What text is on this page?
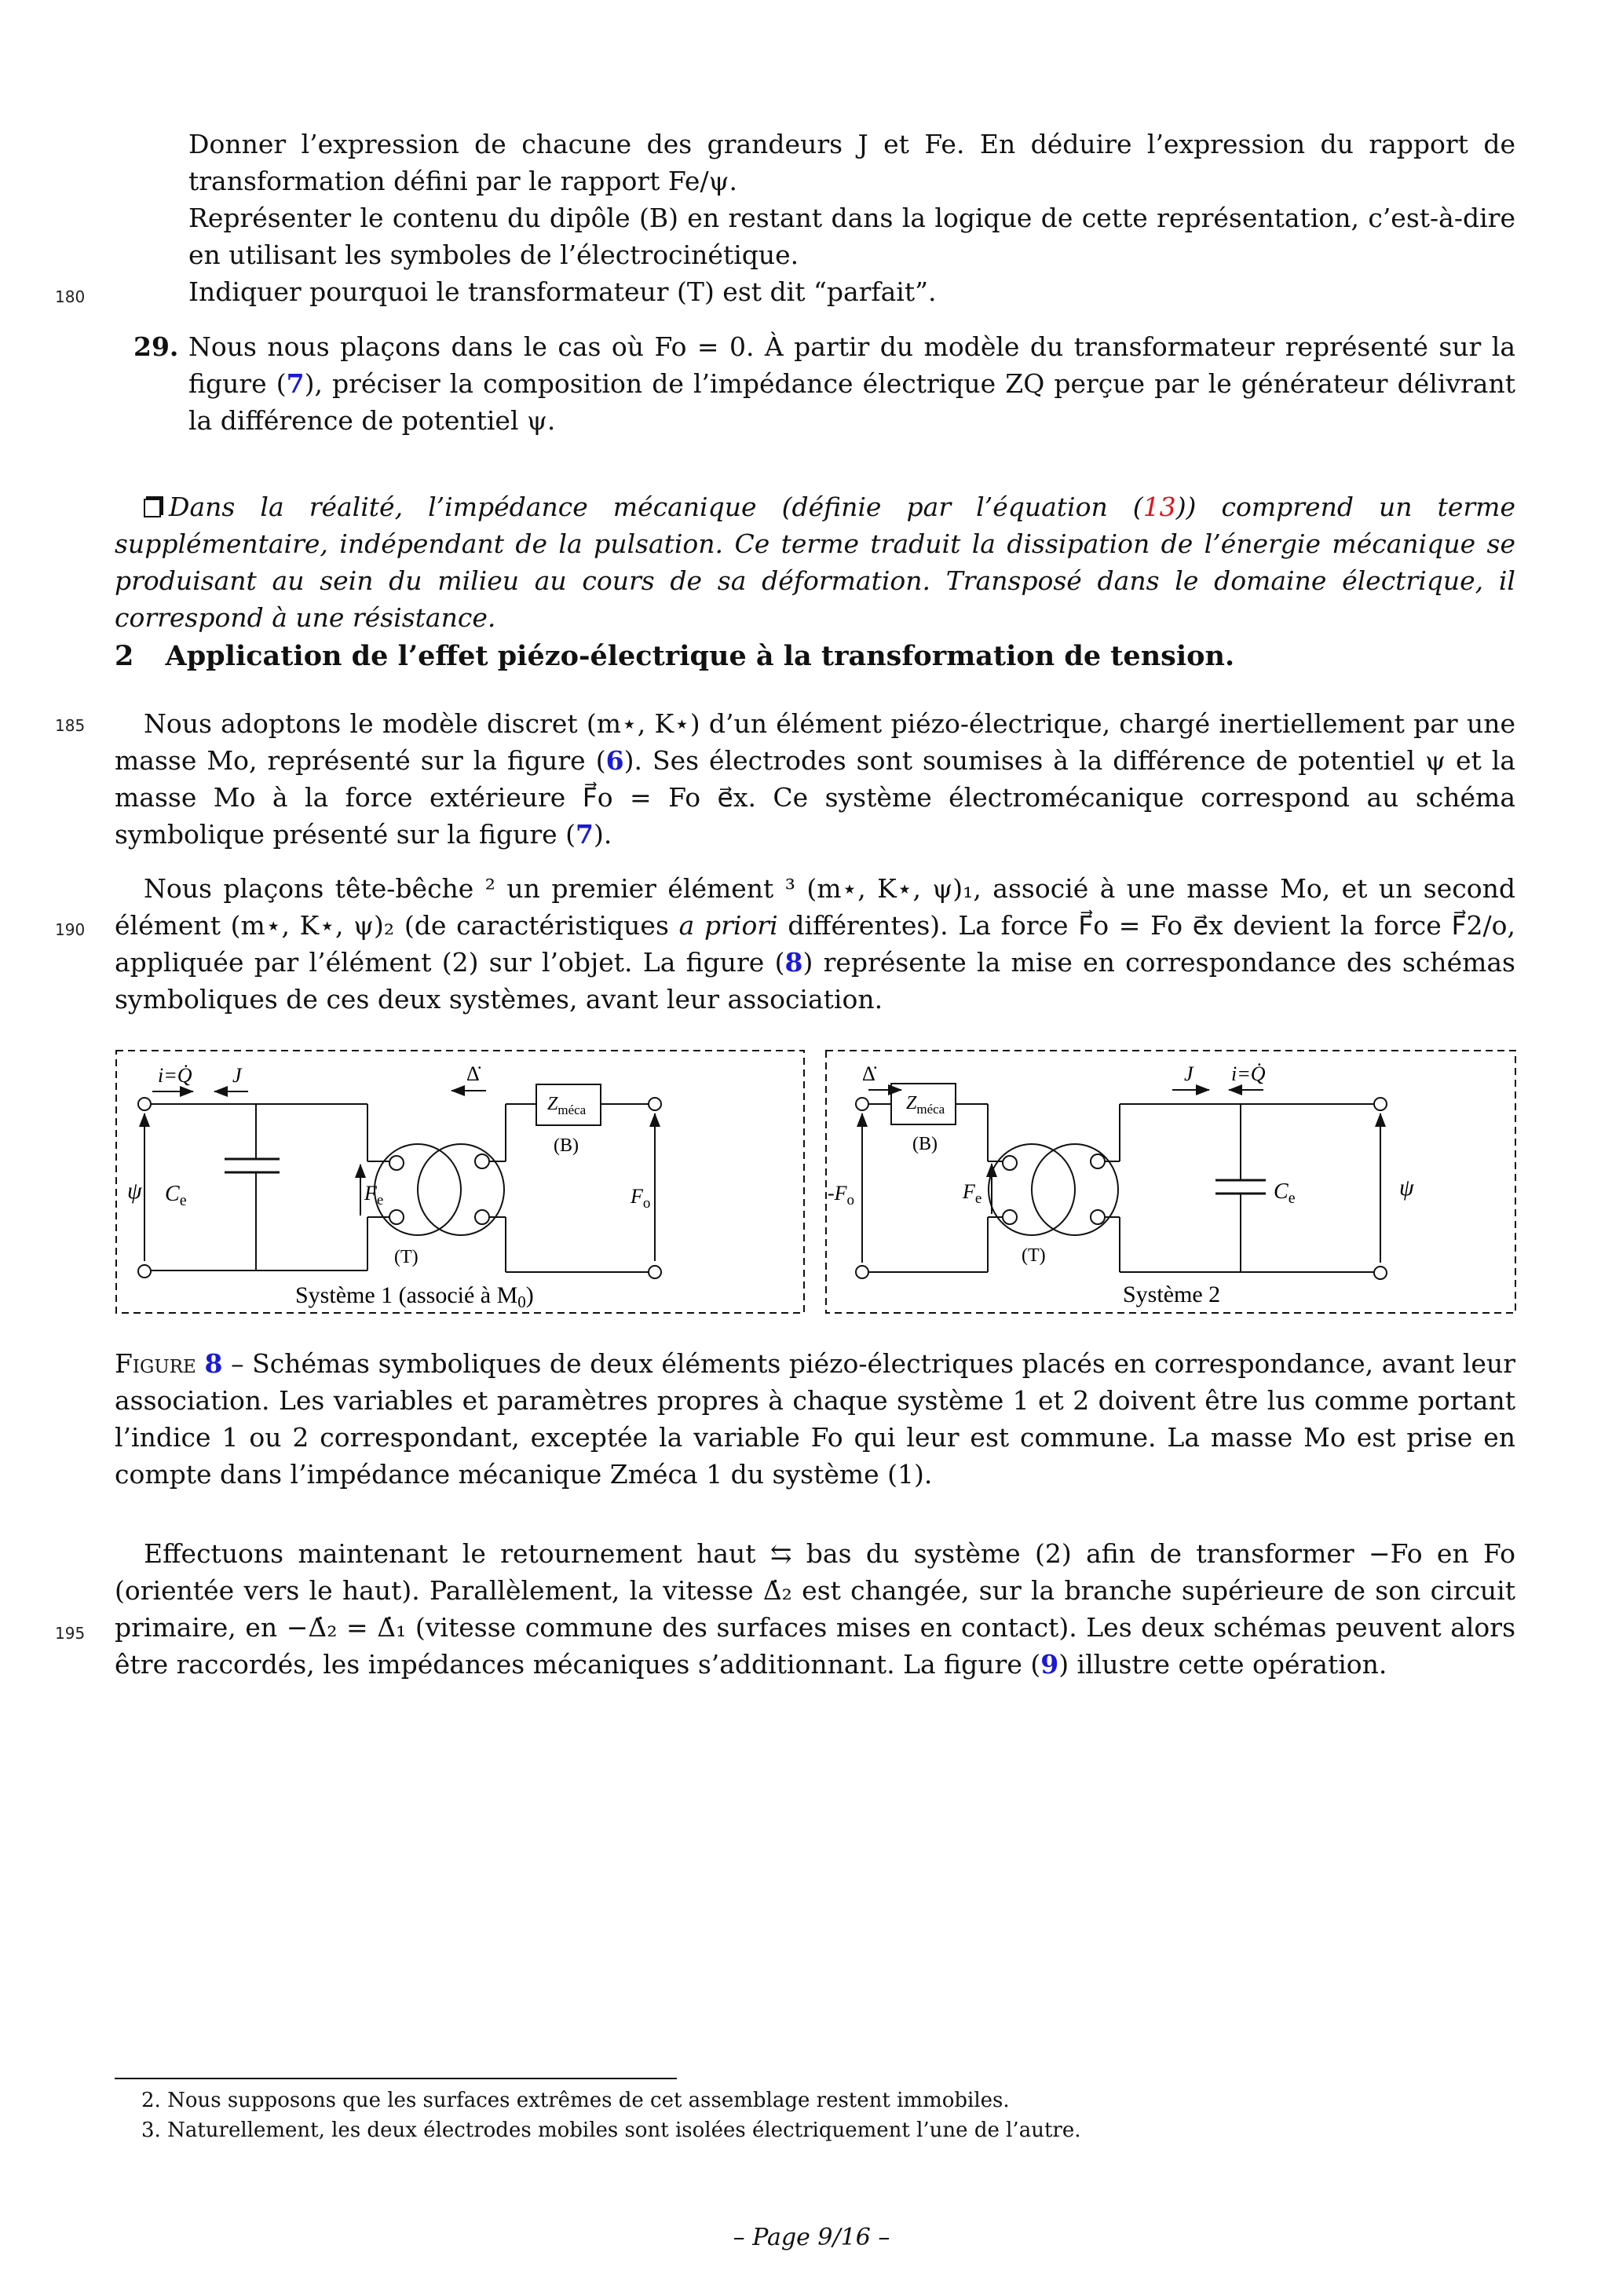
Donner l’expression de chacune des grandeurs J et Fe. En déduire l’expression du rapport de transformation défini par le rapport Fe/ψ.

Représenter le contenu du dipôle (B) en restant dans la logique de cette représentation, c’est-à-dire en utilisant les symboles de l’électrocinétique.

Indiquer pourquoi le transformateur (T) est dit “parfait”.

180
29. Nous nous plaçons dans le cas où Fo = 0. À partir du modèle du transformateur représenté sur la figure (7), préciser la composition de l’impédance électrique ZQ perçue par le générateur délivrant la différence de potentiel ψ.
Dans la réalité, l’impédance mécanique (définie par l’équation (13)) comprend un terme supplémentaire, indépendant de la pulsation. Ce terme traduit la dissipation de l’énergie mécanique se produisant au sein du milieu au cours de sa déformation. Transposé dans le domaine électrique, il correspond à une résistance.
2 Application de l’effet piézo-électrique à la transformation de tension.
185	Nous adoptons le modèle discret (m⋆, K⋆) d’un élément piézo-électrique, chargé inertiellement par une masse Mo, représenté sur la figure (6). Ses électrodes sont soumises à la différence de potentiel ψ et la masse Mo à la force extérieure F⃗o = Fo e⃗x. Ce système électromécanique correspond au schéma symbolique présenté sur la figure (7).
190
Nous plaçons tête-bêche ² un premier élément ³ (m⋆, K⋆, ψ)₁, associé à une masse Mo, et un second élément (m⋆, K⋆, ψ)₂ (de caractéristiques a priori différentes). La force F⃗o = Fo e⃗x devient la force F⃗2/o, appliquée par l’élément (2) sur l’objet. La figure (8) représente la mise en correspondance des schémas symboliques de ces deux systèmes, avant leur association.
i=Q̇ J
ψ $C_e$
(T)
$F_e$
$Z_{méca}$
(B)
Δ̇
$F_o$
Système 1 (associé à $M_0$)
Δ̇
$Z_{méca}$
(B)
$-F_o$	$F_e$
(T)
J i=Q̇
$C_e$	ψ
Système 2
Figure 8 – Schémas symboliques de deux éléments piézo-électriques placés en correspondance, avant leur association. Les variables et paramètres propres à chaque système 1 et 2 doivent être lus comme portant l’indice 1 ou 2 correspondant, exceptée la variable Fo qui leur est commune. La masse Mo est prise en compte dans l’impédance mécanique Zméca 1 du système (1).
195
Effectuons maintenant le retournement haut ⇆ bas du système (2) afin de transformer −Fo en Fo (orientée vers le haut). Parallèlement, la vitesse Δ̇₂ est changée, sur la branche supérieure de son circuit primaire, en −Δ̇₂ = Δ̇₁ (vitesse commune des surfaces mises en contact). Les deux schémas peuvent alors être raccordés, les impédances mécaniques s’additionnant. La figure (9) illustre cette opération.
2. Nous supposons que les surfaces extrêmes de cet assemblage restent immobiles.
3. Naturellement, les deux électrodes mobiles sont isolées électriquement l’une de l’autre.
– Page 9/16 –
